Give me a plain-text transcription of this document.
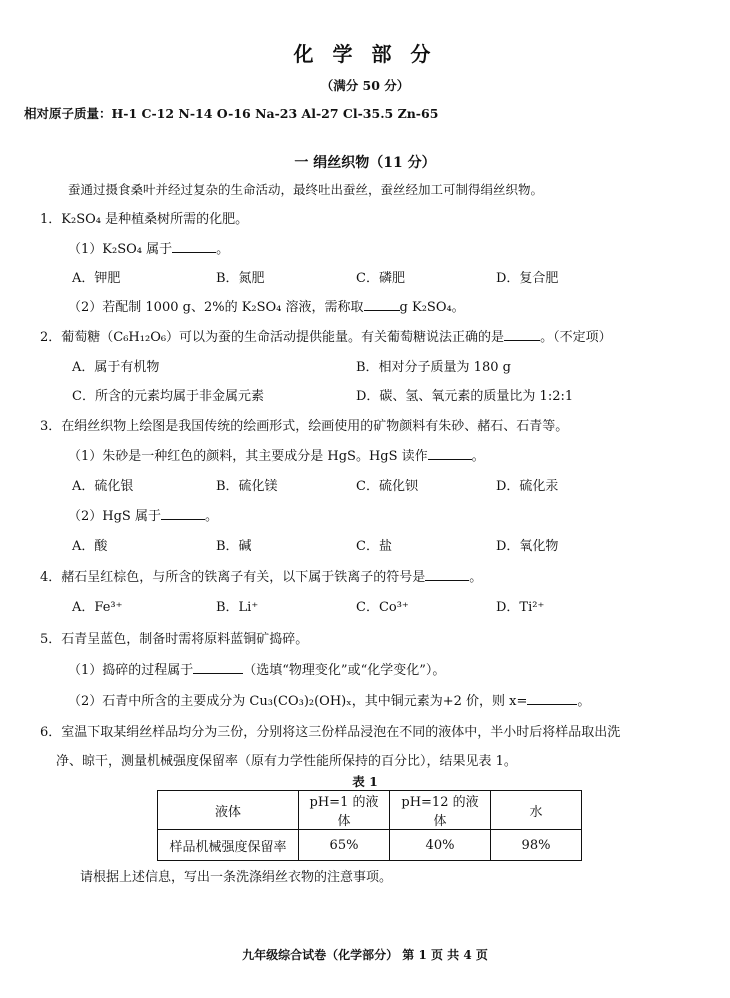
化 学 部 分
（满分 50 分）
相对原子质量：H-1 C-12 N-14 O-16 Na-23 Al-27 Cl-35.5 Zn-65
一 绢丝织物（11 分）
蚕通过摄食桑叶并经过复杂的生命活动，最终吐出蚕丝，蚕丝经加工可制得绢丝织物。
1．K₂SO₄ 是种植桑树所需的化肥。
（1）K₂SO₄ 属于	。
A．钾肥	B．氮肥	C．磷肥	D．复合肥
（2）若配制 1000 g、2%的 K₂SO₄ 溶液，需称取	g K₂SO₄。
2．葡萄糖（C₆H₁₂O₆）可以为蚕的生命活动提供能量。有关葡萄糖说法正确的是	。（不定项）
A．属于有机物	B．相对分子质量为 180 g
C．所含的元素均属于非金属元素	D．碳、氢、氧元素的质量比为 1:2:1
3．在绢丝织物上绘图是我国传统的绘画形式，绘画使用的矿物颜料有朱砂、赭石、石青等。
（1）朱砂是一种红色的颜料，其主要成分是 HgS。HgS 读作	。
A．硫化银	B．硫化镁	C．硫化钡	D．硫化汞
（2）HgS 属于	。
A．酸	B．碱	C．盐	D．氧化物
4．赭石呈红棕色，与所含的铁离子有关，以下属于铁离子的符号是	。
A．Fe³⁺	B．Li⁺	C．Co³⁺	D．Ti²⁺
5．石青呈蓝色，制备时需将原料蓝铜矿捣碎。
（1）捣碎的过程属于	（选填“物理变化”或“化学变化”）。
（2）石青中所含的主要成分为 Cu₃(CO₃)₂(OH)ₓ，其中铜元素为+2 价，则 x=	。
6．室温下取某绢丝样品均分为三份，分别将这三份样品浸泡在不同的液体中，半小时后将样品取出洗
净、晾干，测量机械强度保留率（原有力学性能所保持的百分比），结果见表 1。
表 1
液体	pH=1 的液体	pH=12 的液体	水
样品机械强度保留率	65%	40%	98%
请根据上述信息，写出一条洗涤绢丝衣物的注意事项。
九年级综合试卷（化学部分） 第 1 页 共 4 页
